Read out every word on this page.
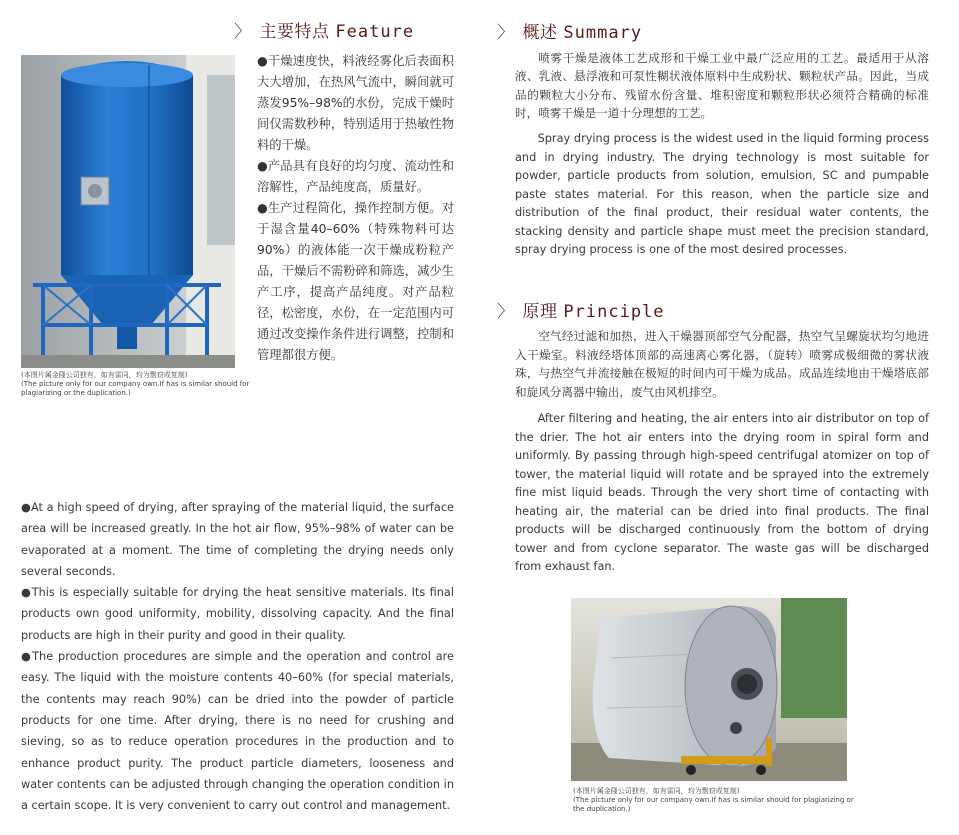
〉 主要特点 Feature
(本图片属金隆公司独有，如有雷同，均为剽窃或复制)
(The picture only for our company own.If has is similar should for plagiarizing or the duplication.)

●干燥速度快，料液经雾化后表面积大大增加，在热风气流中，瞬间就可蒸发95%–98%的水份，完成干燥时间仅需数秒种，特别适用于热敏性物料的干燥。

●产品具有良好的均匀度、流动性和溶解性，产品纯度高，质量好。

●生产过程简化，操作控制方便。对于湿含量40–60%（特殊物料可达90%）的液体能一次干燥成粉粒产品，干燥后不需粉碎和筛选，减少生产工序，提高产品纯度。对产品粒径，松密度，水份，在一定范围内可通过改变操作条件进行调整，控制和管理都很方便。

●At a high speed of drying, after spraying of the material liquid, the surface area will be increased greatly. In the hot air flow, 95%–98% of water can be evaporated at a moment. The time of completing the drying needs only several seconds.

●This is especially suitable for drying the heat sensitive materials. Its final products own good uniformity, mobility, dissolving capacity. And the final products are high in their purity and good in their quality.

●The production procedures are simple and the operation and control are easy. The liquid with the moisture contents 40–60% (for special materials, the contents may reach 90%) can be dried into the powder of particle products for one time. After drying, there is no need for crushing and sieving, so as to reduce operation procedures in the production and to enhance product purity. The product particle diameters, looseness and water contents can be adjusted through changing the operation condition in a certain scope. It is very convenient to carry out control and management.

〉 概述 Summary
喷雾干燥是液体工艺成形和干燥工业中最广泛应用的工艺。最适用于从溶液、乳液、悬浮液和可泵性糊状液体原料中生成粉状、颗粒状产品。因此，当成品的颗粒大小分布、残留水份含量、堆积密度和颗粒形状必须符合精确的标准时，喷雾干燥是一道十分理想的工艺。
Spray drying process is the widest used in the liquid forming process and in drying industry. The drying technology is most suitable for powder, particle products from solution, emulsion, SC and pumpable paste states material. For this reason, when the particle size and distribution of the final product, their residual water contents, the stacking density and particle shape must meet the precision standard, spray drying process is one of the most desired processes.
〉 原理 Principle
空气经过滤和加热，进入干燥器顶部空气分配器，热空气呈螺旋状均匀地进入干燥室。料液经塔体顶部的高速离心雾化器，（旋转）喷雾成极细微的雾状液珠，与热空气并流接触在极短的时间内可干燥为成品。成品连续地由干燥塔底部和旋风分离器中输出，废气由风机排空。
After filtering and heating, the air enters into air distributor on top of the drier. The hot air enters into the drying room in spiral form and uniformly. By passing through high-speed centrifugal atomizer on top of tower, the material liquid will rotate and be sprayed into the extremely fine mist liquid beads. Through the very short time of contacting with heating air, the material can be dried into final products. The final products will be discharged continuously from the bottom of drying tower and from cyclone separator. The waste gas will be discharged from exhaust fan.
(本图片属金隆公司独有，如有雷同，均为剽窃或复制)
(The picture only for our company own.If has is similar should for plagiarizing or the duplication.)
